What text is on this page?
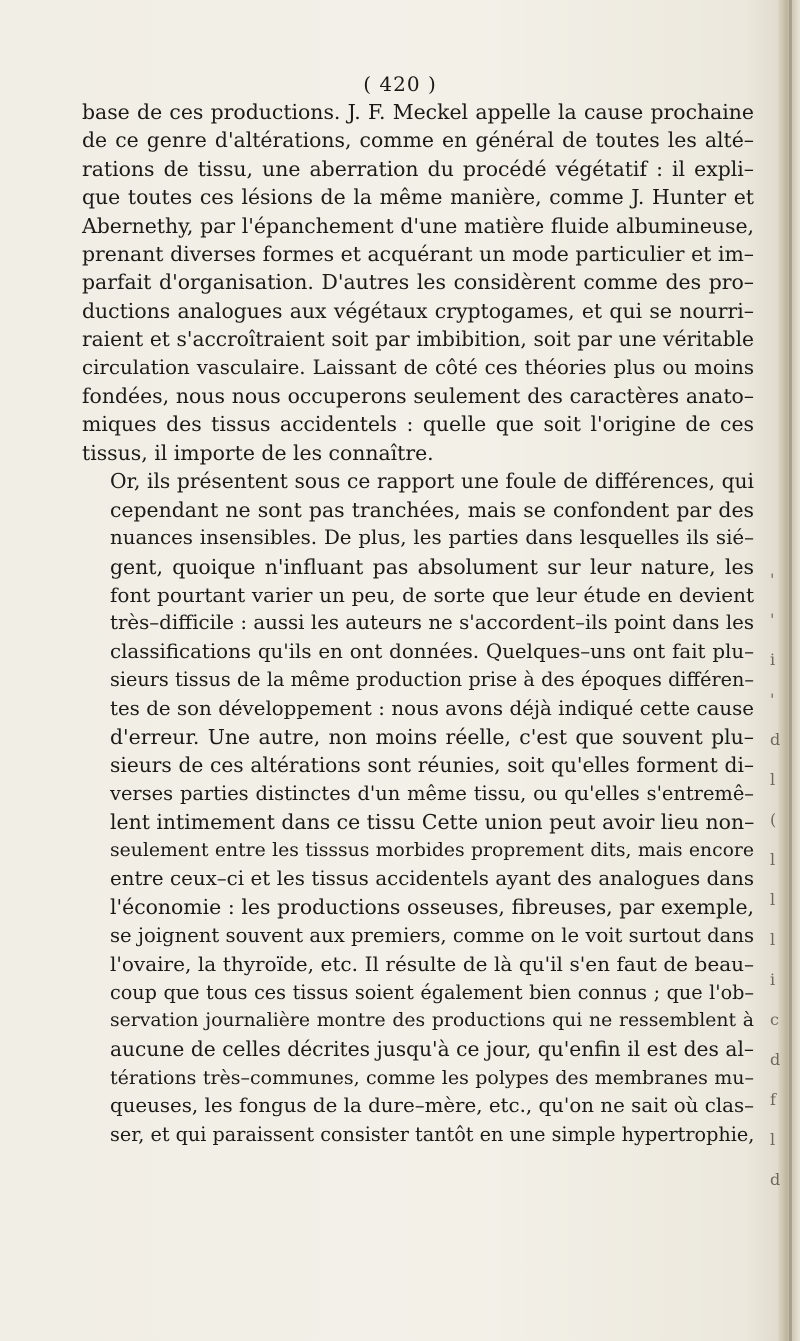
( 420 )

base de ces productions. J. F. Meckel appelle la cause prochaine
de ce genre d'altérations, comme en général de toutes les alté–
rations de tissu, une aberration du procédé végétatif : il expli–
que toutes ces lésions de la même manière, comme J. Hunter et
Abernethy, par l'épanchement d'une matière fluide albumineuse,
prenant diverses formes et acquérant un mode particulier et im–
parfait d'organisation. D'autres les considèrent comme des pro–
ductions analogues aux végétaux cryptogames, et qui se nourri–
raient et s'accroîtraient soit par imbibition, soit par une véritable
circulation vasculaire. Laissant de côté ces théories plus ou moins
fondées, nous nous occuperons seulement des caractères anato–
miques des tissus accidentels : quelle que soit l'origine de ces
tissus, il importe de les connaître.

Or, ils présentent sous ce rapport une foule de différences, qui
cependant ne sont pas tranchées, mais se confondent par des
nuances insensibles. De plus, les parties dans lesquelles ils sié–
gent, quoique n'influant pas absolument sur leur nature, les
font pourtant varier un peu, de sorte que leur étude en devient
très–difficile : aussi les auteurs ne s'accordent–ils point dans les
classifications qu'ils en ont données. Quelques–uns ont fait plu–
sieurs tissus de la même production prise à des époques différen–
tes de son développement : nous avons déjà indiqué cette cause
d'erreur. Une autre, non moins réelle, c'est que souvent plu–
sieurs de ces altérations sont réunies, soit qu'elles forment di–
verses parties distinctes d'un même tissu, ou qu'elles s'entremê–
lent intimement dans ce tissu Cette union peut avoir lieu non–
seulement entre les tisssus morbides proprement dits, mais encore
entre ceux–ci et les tissus accidentels ayant des analogues dans
l'économie : les productions osseuses, fibreuses, par exemple,
se joignent souvent aux premiers, comme on le voit surtout dans
l'ovaire, la thyroïde, etc. Il résulte de là qu'il s'en faut de beau–
coup que tous ces tissus soient également bien connus ; que l'ob–
servation journalière montre des productions qui ne ressemblent à
aucune de celles décrites jusqu'à ce jour, qu'enfin il est des al–
térations très–communes, comme les polypes des membranes mu–
queuses, les fongus de la dure–mère, etc., qu'on ne sait où clas–
ser, et qui paraissent consister tantôt en une simple hypertrophie,

'
'
i
'
d
l
(
l
l
l
i
c
d
f
l
d
